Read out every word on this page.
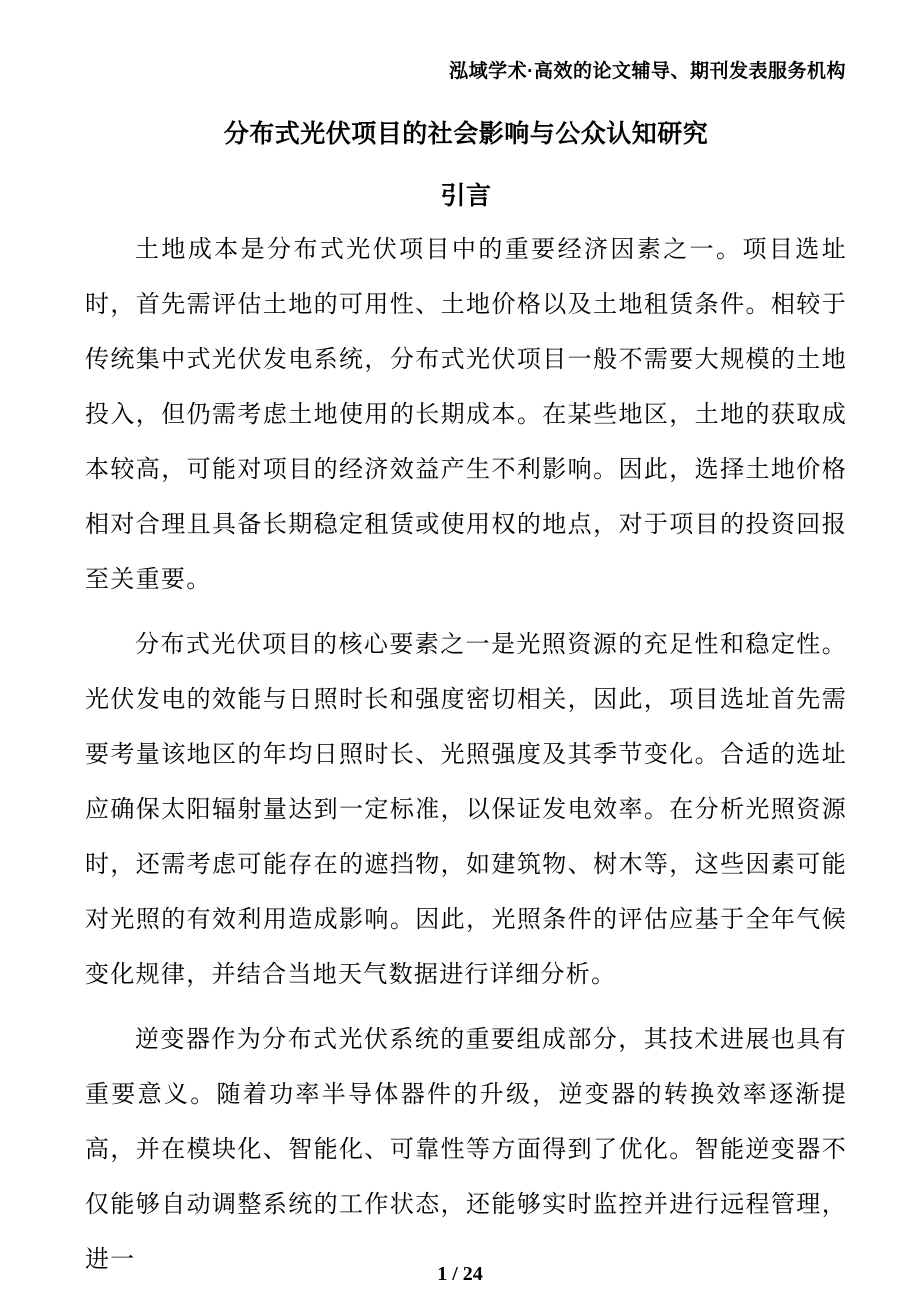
泓域学术·高效的论文辅导、期刊发表服务机构
分布式光伏项目的社会影响与公众认知研究
引言

土地成本是分布式光伏项目中的重要经济因素之一。项目选址时，首先需评估土地的可用性、土地价格以及土地租赁条件。相较于传统集中式光伏发电系统，分布式光伏项目一般不需要大规模的土地投入，但仍需考虑土地使用的长期成本。在某些地区，土地的获取成本较高，可能对项目的经济效益产生不利影响。因此，选择土地价格相对合理且具备长期稳定租赁或使用权的地点，对于项目的投资回报至关重要。

分布式光伏项目的核心要素之一是光照资源的充足性和稳定性。光伏发电的效能与日照时长和强度密切相关，因此，项目选址首先需要考量该地区的年均日照时长、光照强度及其季节变化。合适的选址应确保太阳辐射量达到一定标准，以保证发电效率。在分析光照资源时，还需考虑可能存在的遮挡物，如建筑物、树木等，这些因素可能对光照的有效利用造成影响。因此，光照条件的评估应基于全年气候变化规律，并结合当地天气数据进行详细分析。

逆变器作为分布式光伏系统的重要组成部分，其技术进展也具有重要意义。随着功率半导体器件的升级，逆变器的转换效率逐渐提高，并在模块化、智能化、可靠性等方面得到了优化。智能逆变器不仅能够自动调整系统的工作状态，还能够实时监控并进行远程管理，进一

1 / 24
